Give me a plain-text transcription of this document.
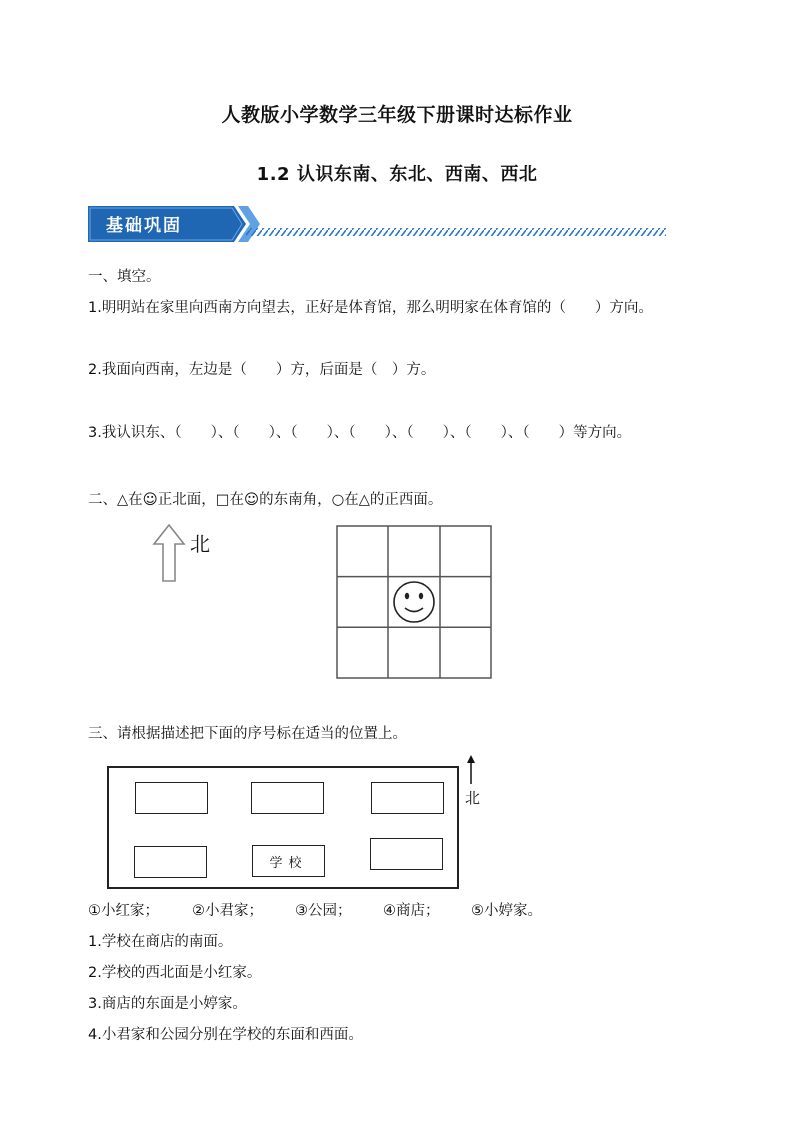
人教版小学数学三年级下册课时达标作业
1.2 认识东南、东北、西南、西北
基础巩固
一、填空。
1.明明站在家里向西南方向望去，正好是体育馆，那么明明家在体育馆的（　　）方向。
2.我面向西南，左边是（　　）方，后面是（　）方。
3.我认识东、（　　）、（　　）、（　　）、（　　）、（　　）、（　　）、（　　）等方向。
二、△在☺正北面，□在☺的东南角，○在△的正西面。
北
三、请根据描述把下面的序号标在适当的位置上。
北
学校
①小红家； ②小君家； ③公园； ④商店； ⑤小婷家。
1.学校在商店的南面。
2.学校的西北面是小红家。
3.商店的东面是小婷家。
4.小君家和公园分别在学校的东面和西面。
